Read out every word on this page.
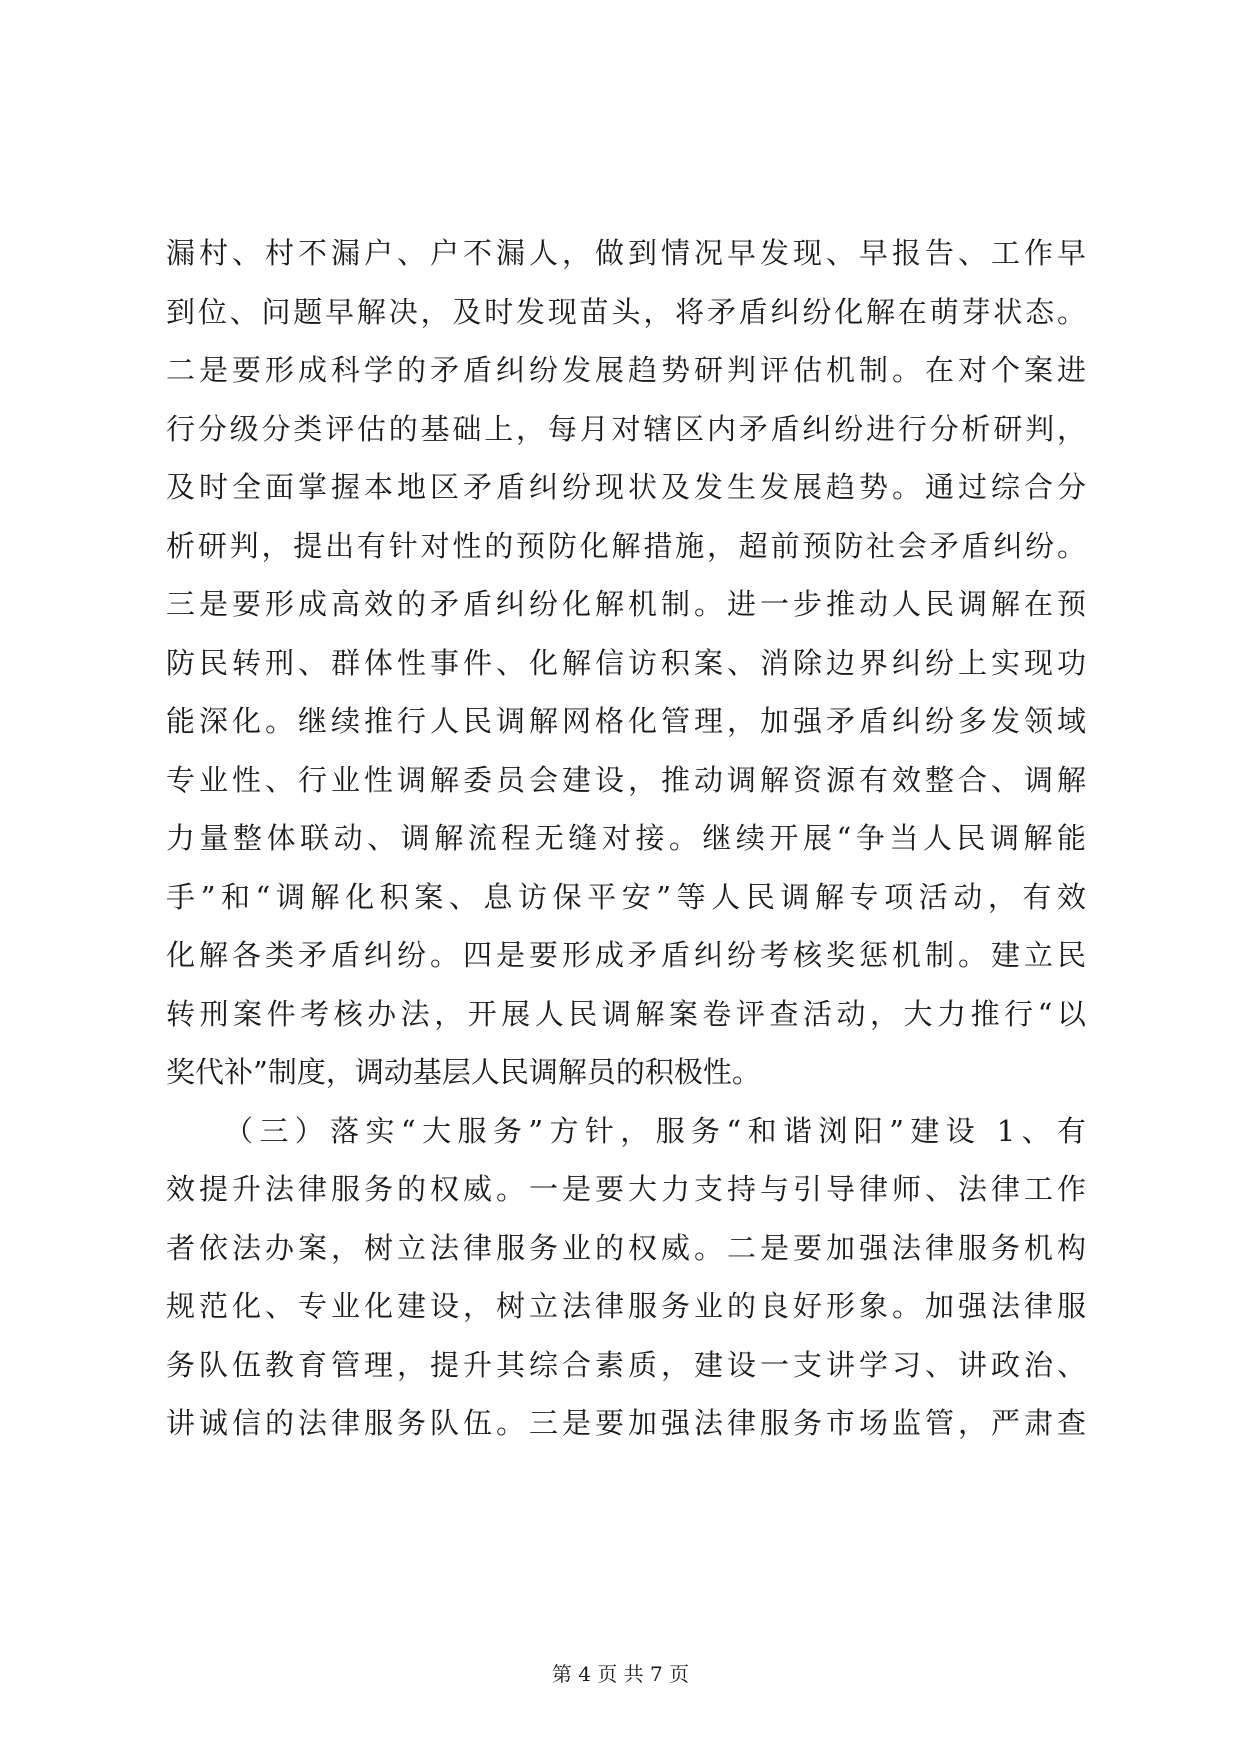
漏村、村不漏户、户不漏人，做到情况早发现、早报告、工作早
到位、问题早解决，及时发现苗头，将矛盾纠纷化解在萌芽状态。
二是要形成科学的矛盾纠纷发展趋势研判评估机制。在对个案进
行分级分类评估的基础上，每月对辖区内矛盾纠纷进行分析研判，
及时全面掌握本地区矛盾纠纷现状及发生发展趋势。通过综合分
析研判，提出有针对性的预防化解措施，超前预防社会矛盾纠纷。
三是要形成高效的矛盾纠纷化解机制。进一步推动人民调解在预
防民转刑、群体性事件、化解信访积案、消除边界纠纷上实现功
能深化。继续推行人民调解网格化管理，加强矛盾纠纷多发领域
专业性、行业性调解委员会建设，推动调解资源有效整合、调解
力量整体联动、调解流程无缝对接。继续开展“争当人民调解能
手”和“调解化积案、息访保平安”等人民调解专项活动，有效
化解各类矛盾纠纷。四是要形成矛盾纠纷考核奖惩机制。建立民
转刑案件考核办法，开展人民调解案卷评查活动，大力推行“以
奖代补”制度，调动基层人民调解员的积极性。
（三）落实“大服务”方针，服务“和谐浏阳”建设 1、有
效提升法律服务的权威。一是要大力支持与引导律师、法律工作
者依法办案，树立法律服务业的权威。二是要加强法律服务机构
规范化、专业化建设，树立法律服务业的良好形象。加强法律服
务队伍教育管理，提升其综合素质，建设一支讲学习、讲政治、
讲诚信的法律服务队伍。三是要加强法律服务市场监管，严肃查
第 4 页 共 7 页
